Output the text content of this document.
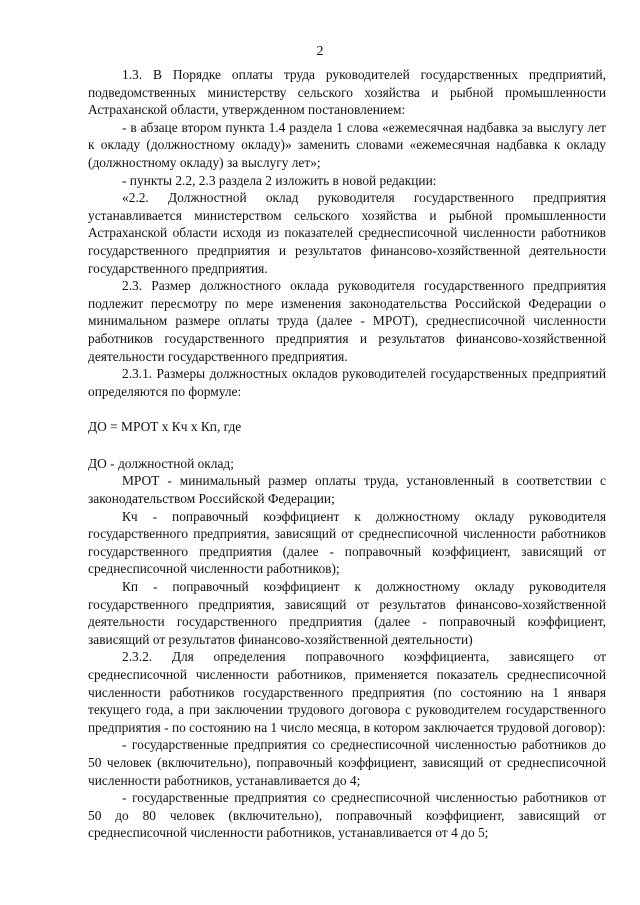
2

1.3. В Порядке оплаты труда руководителей государственных предприятий, подведомственных министерству сельского хозяйства и рыбной промышленности Астраханской области, утвержденном постановлением:

- в абзаце втором пункта 1.4 раздела 1 слова «ежемесячная надбавка за выслугу лет к окладу (должностному окладу)» заменить словами «ежемесячная надбавка к окладу (должностному окладу) за выслугу лет»;

- пункты 2.2, 2.3 раздела 2 изложить в новой редакции:

«2.2. Должностной оклад руководителя государственного предприятия устанавливается министерством сельского хозяйства и рыбной промышленности Астраханской области исходя из показателей среднесписочной численности работников государственного предприятия и результатов финансово-хозяйственной деятельности государственного предприятия.

2.3. Размер должностного оклада руководителя государственного предприятия подлежит пересмотру по мере изменения законодательства Российской Федерации о минимальном размере оплаты труда (далее - МРОТ), среднесписочной численности работников государственного предприятия и результатов финансово-хозяйственной деятельности государственного предприятия.

2.3.1. Размеры должностных окладов руководителей государственных предприятий определяются по формуле:

ДО = МРОТ х Кч х Кп, где

ДО - должностной оклад;

МРОТ - минимальный размер оплаты труда, установленный в соответствии с законодательством Российской Федерации;

Кч - поправочный коэффициент к должностному окладу руководителя государственного предприятия, зависящий от среднесписочной численности работников государственного предприятия (далее - поправочный коэффициент, зависящий от среднесписочной численности работников);

Кп - поправочный коэффициент к должностному окладу руководителя государственного предприятия, зависящий от результатов финансово-хозяйственной деятельности государственного предприятия (далее - поправочный коэффициент, зависящий от результатов финансово-хозяйственной деятельности)

2.3.2. Для определения поправочного коэффициента, зависящего от среднесписочной численности работников, применяется показатель среднесписочной численности работников государственного предприятия (по состоянию на 1 января текущего года, а при заключении трудового договора с руководителем государственного предприятия - по состоянию на 1 число месяца, в котором заключается трудовой договор):

- государственные предприятия со среднесписочной численностью работников до 50 человек (включительно), поправочный коэффициент, зависящий от среднесписочной численности работников, устанавливается до 4;

- государственные предприятия со среднесписочной численностью работников от 50 до 80 человек (включительно), поправочный коэффициент, зависящий от среднесписочной численности работников, устанавливается от 4 до 5;
